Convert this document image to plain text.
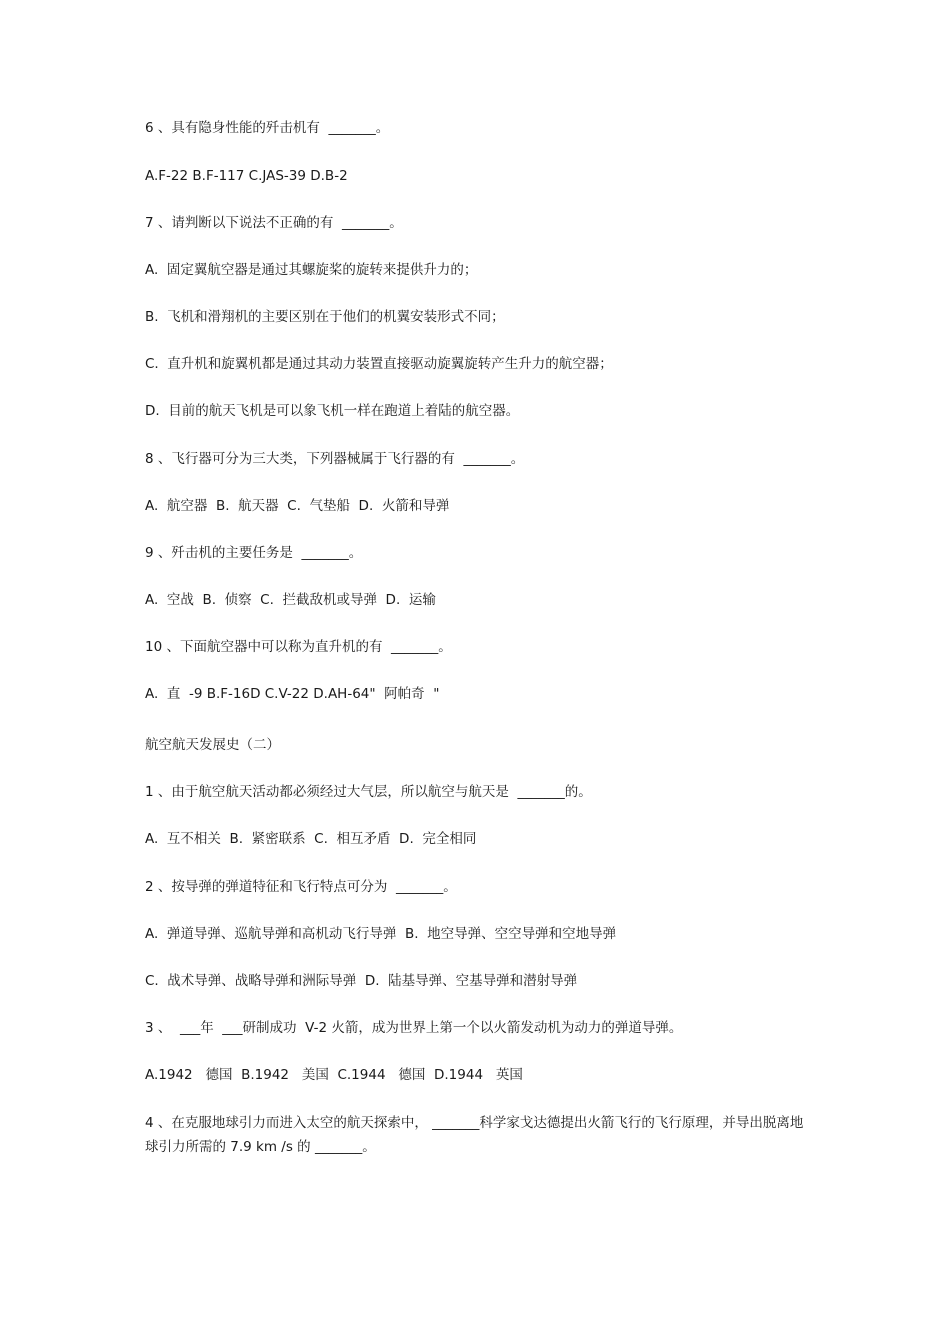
6 、具有隐身性能的歼击机有  _______。
A.F-22 B.F-117 C.JAS-39 D.B-2
7 、请判断以下说法不正确的有  _______。
A.  固定翼航空器是通过其螺旋桨的旋转来提供升力的；
B.  飞机和滑翔机的主要区别在于他们的机翼安装形式不同；
C.  直升机和旋翼机都是通过其动力装置直接驱动旋翼旋转产生升力的航空器；
D.  目前的航天飞机是可以象飞机一样在跑道上着陆的航空器。
8 、飞行器可分为三大类，下列器械属于飞行器的有  _______。
A.  航空器  B.  航天器  C.  气垫船  D.  火箭和导弹
9 、歼击机的主要任务是  _______。
A.  空战  B.  侦察  C.  拦截敌机或导弹  D.  运输
10 、下面航空器中可以称为直升机的有  _______。
A.  直  -9 B.F-16D C.V-22 D.AH-64"  阿帕奇  "
航空航天发展史（二）
1 、由于航空航天活动都必须经过大气层，所以航空与航天是  _______的。
A.  互不相关  B.  紧密联系  C.  相互矛盾  D.  完全相同
2 、按导弹的弹道特征和飞行特点可分为  _______。
A.  弹道导弹、巡航导弹和高机动飞行导弹  B.  地空导弹、空空导弹和空地导弹
C.  战术导弹、战略导弹和洲际导弹  D.  陆基导弹、空基导弹和潜射导弹
3 、  ___年  ___研制成功  V-2 火箭，成为世界上第一个以火箭发动机为动力的弹道导弹。
A.1942   德国  B.1942   美国  C.1944   德国  D.1944   英国
4 、在克服地球引力而进入太空的航天探索中， _______科学家戈达德提出火箭飞行的飞行原理，并导出脱离地球引力所需的 7.9 km /s 的 _______。
